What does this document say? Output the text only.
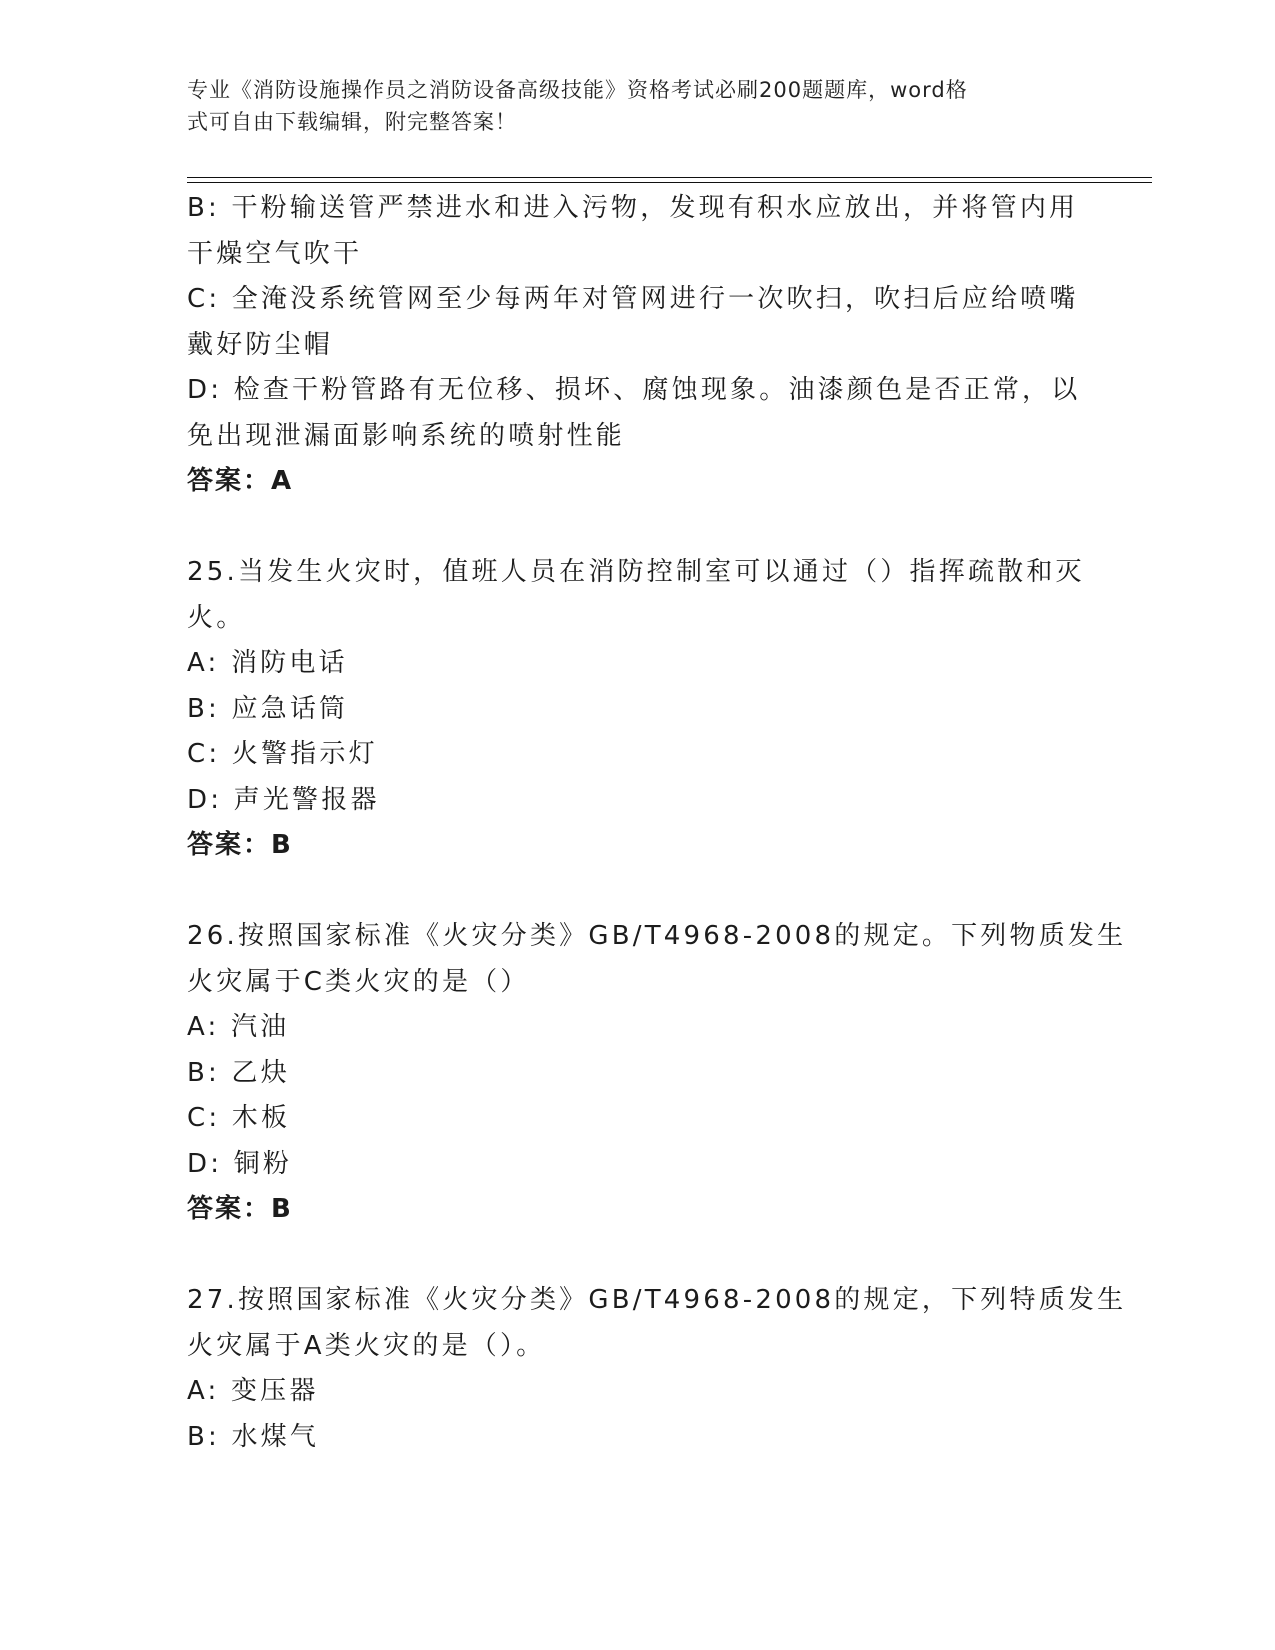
专业《消防设施操作员之消防设备高级技能》资格考试必刷200题题库，word格
式可自由下载编辑，附完整答案！
B: 干粉输送管严禁进水和进入污物，发现有积水应放出，并将管内用
干燥空气吹干
C: 全淹没系统管网至少每两年对管网进行一次吹扫，吹扫后应给喷嘴
戴好防尘帽
D: 检查干粉管路有无位移、损坏、腐蚀现象。油漆颜色是否正常，以
免出现泄漏面影响系统的喷射性能
答案：A
25.当发生火灾时，值班人员在消防控制室可以通过（）指挥疏散和灭
火。
A: 消防电话
B: 应急话筒
C: 火警指示灯
D: 声光警报器
答案：B
26.按照国家标准《火灾分类》GB/T4968-2008的规定。下列物质发生
火灾属于C类火灾的是（）
A: 汽油
B: 乙炔
C: 木板
D: 铜粉
答案：B
27.按照国家标准《火灾分类》GB/T4968-2008的规定，下列特质发生
火灾属于A类火灾的是（）。
A: 变压器
B: 水煤气
